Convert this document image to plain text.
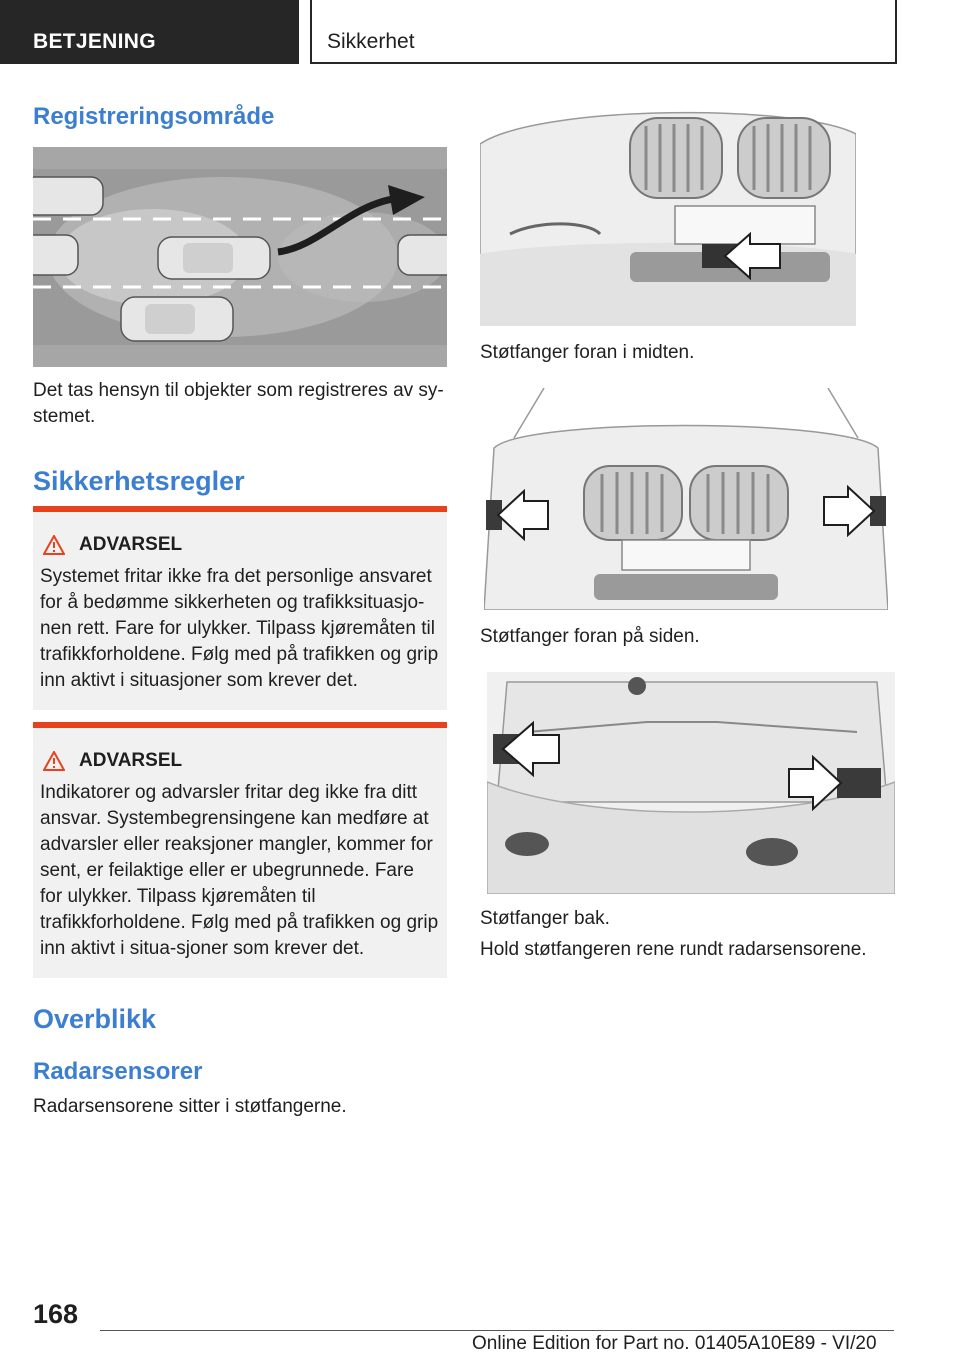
BETJENING	Sikkerhet
Registreringsområde

Det tas hensyn til objekter som registreres av sy-stemet.

Sikkerhetsregler
ADVARSEL
Systemet fritar ikke fra det personlige ansvaret for å bedømme sikkerheten og trafikksituasjo-nen rett. Fare for ulykker. Tilpass kjøremåten til trafikkforholdene. Følg med på trafikken og grip inn aktivt i situasjoner som krever det.
ADVARSEL
Indikatorer og advarsler fritar deg ikke fra ditt ansvar. Systembegrensingene kan medføre at advarsler eller reaksjoner mangler, kommer for sent, er feilaktige eller er ubegrunnede. Fare for ulykker. Tilpass kjøremåten til trafikkforholdene. Følg med på trafikken og grip inn aktivt i situa-sjoner som krever det.
Overblikk
Radarsensorer

Radarsensorene sitter i støtfangerne.

Støtfanger foran i midten.

Støtfanger foran på siden.

Støtfanger bak.

Hold støtfangeren rene rundt radarsensorene.

168
Online Edition for Part no. 01405A10E89 - VI/20
